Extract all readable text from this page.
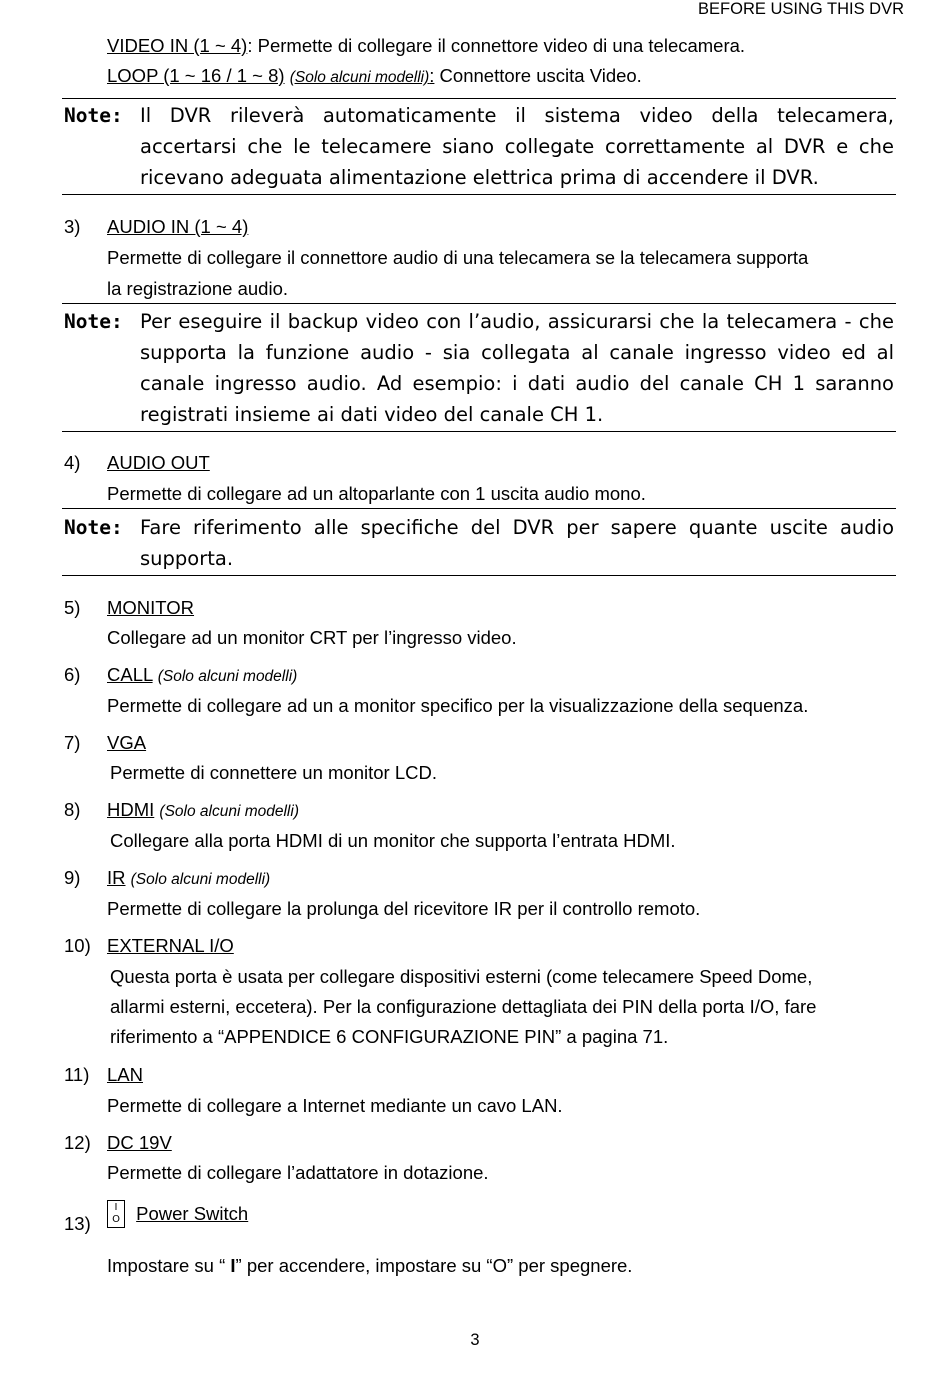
BEFORE USING THIS DVR
VIDEO IN (1 ~ 4): Permette di collegare il connettore video di una telecamera.
LOOP (1 ~ 16 / 1 ~ 8) (Solo alcuni modelli): Connettore uscita Video.
Note: Il DVR rileverà automaticamente il sistema video della telecamera, accertarsi che le telecamere siano collegate correttamente al DVR e che ricevano adeguata alimentazione elettrica prima di accendere il DVR.
3) AUDIO IN (1 ~ 4)
Permette di collegare il connettore audio di una telecamera se la telecamera supporta
la registrazione audio.
Note: Per eseguire il backup video con l’audio, assicurarsi che la telecamera - che supporta la funzione audio - sia collegata al canale ingresso video ed al canale ingresso audio. Ad esempio: i dati audio del canale CH 1 saranno registrati insieme ai dati video del canale CH 1.
4) AUDIO OUT
Permette di collegare ad un altoparlante con 1 uscita audio mono.
Note: Fare riferimento alle specifiche del DVR per sapere quante uscite audio supporta.
5) MONITOR
Collegare ad un monitor CRT per l’ingresso video.
6) CALL (Solo alcuni modelli)
Permette di collegare ad un a monitor specifico per la visualizzazione della sequenza.
7) VGA
Permette di connettere un monitor LCD.
8) HDMI (Solo alcuni modelli)
Collegare alla porta HDMI di un monitor che supporta l’entrata HDMI.
9) IR (Solo alcuni modelli)
Permette di collegare la prolunga del ricevitore IR per il controllo remoto.
10) EXTERNAL I/O
Questa porta è usata per collegare dispositivi esterni (come telecamere Speed Dome,
allarmi esterni, eccetera). Per la configurazione dettagliata dei PIN della porta I/O, fare
riferimento a “APPENDICE 6 CONFIGURAZIONE PIN” a pagina 71.
11) LAN
Permette di collegare a Internet mediante un cavo LAN.
12) DC 19V
Permette di collegare l’adattatore in dotazione.
13)
I
O Power Switch
Impostare su “ I” per accendere, impostare su “O” per spegnere.
3
